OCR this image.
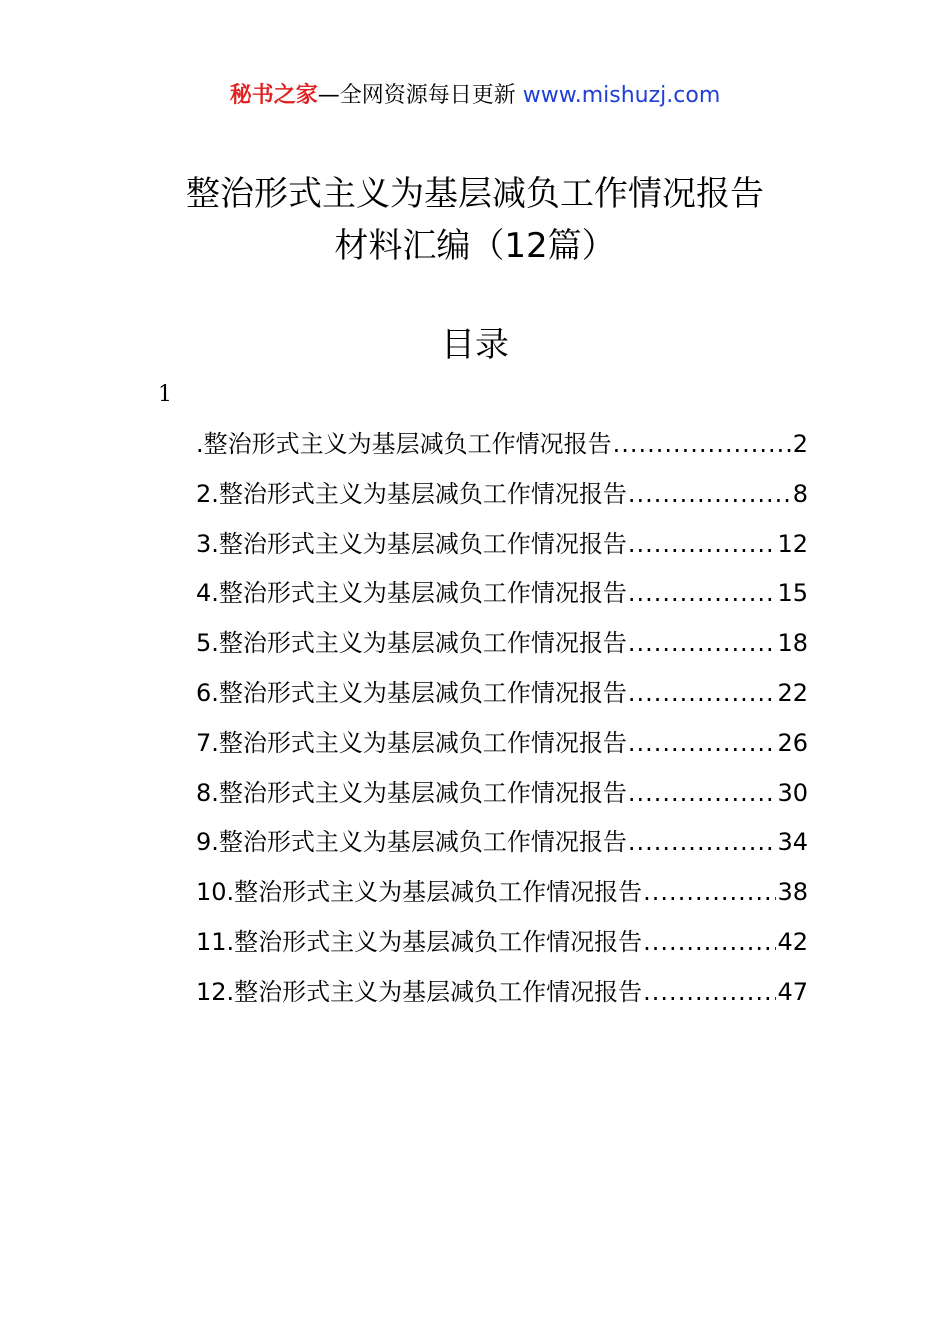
秘书之家—全网资源每日更新 www.mishuzj.com
整治形式主义为基层减负工作情况报告
材料汇编（12篇）
目录
1
.整治形式主义为基层减负工作情况报告 .....	2
2.整治形式主义为基层减负工作情况报告 .....	8
3.整治形式主义为基层减负工作情况报告 .....	12
4.整治形式主义为基层减负工作情况报告 .....	15
5.整治形式主义为基层减负工作情况报告 .....	18
6.整治形式主义为基层减负工作情况报告 .....	22
7.整治形式主义为基层减负工作情况报告 .....	26
8.整治形式主义为基层减负工作情况报告 .....	30
9.整治形式主义为基层减负工作情况报告 .....	34
10.整治形式主义为基层减负工作情况报告 .....	38
11.整治形式主义为基层减负工作情况报告 .....	42
12.整治形式主义为基层减负工作情况报告 .....	47
